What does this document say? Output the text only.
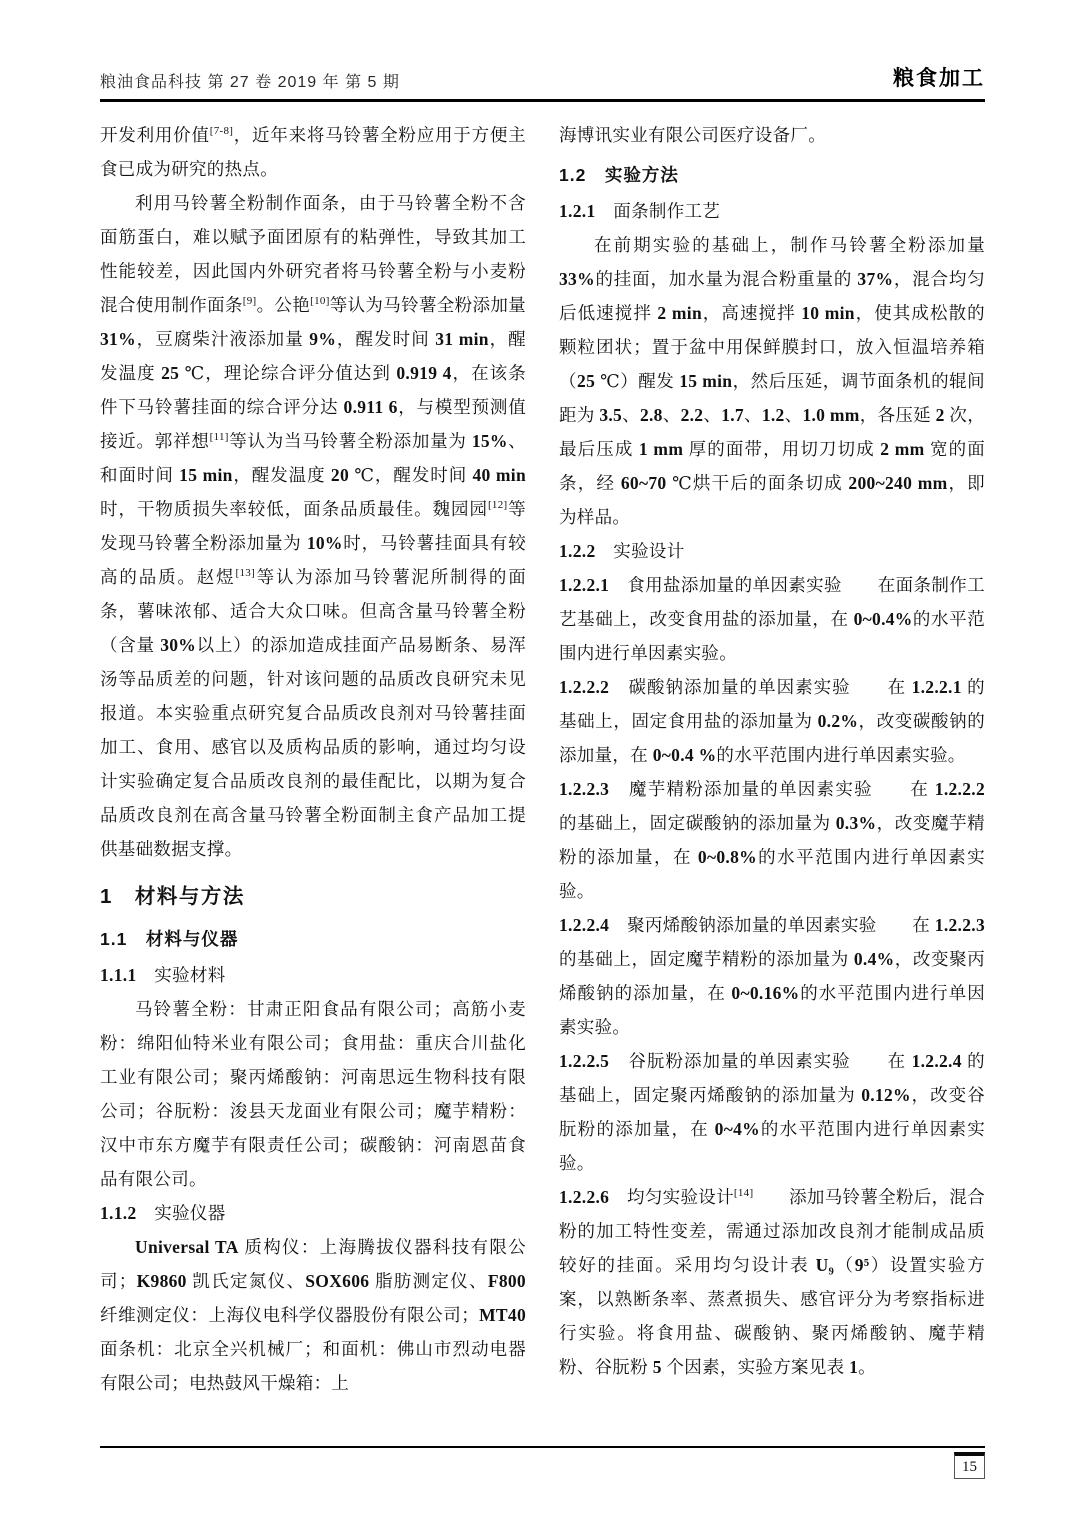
粮油食品科技 第 27 卷 2019 年 第 5 期	粮食加工
开发利用价值[7-8]，近年来将马铃薯全粉应用于方便主食已成为研究的热点。
利用马铃薯全粉制作面条，由于马铃薯全粉不含面筋蛋白，难以赋予面团原有的粘弹性，导致其加工性能较差，因此国内外研究者将马铃薯全粉与小麦粉混合使用制作面条[9]。公艳[10]等认为马铃薯全粉添加量 31%，豆腐柴汁液添加量 9%，醒发时间 31 min，醒发温度 25 ℃，理论综合评分值达到 0.919 4，在该条件下马铃薯挂面的综合评分达 0.911 6，与模型预测值接近。郭祥想[11]等认为当马铃薯全粉添加量为 15%、和面时间 15 min，醒发温度 20 ℃，醒发时间 40 min 时，干物质损失率较低，面条品质最佳。魏园园[12]等发现马铃薯全粉添加量为 10%时，马铃薯挂面具有较高的品质。赵煜[13]等认为添加马铃薯泥所制得的面条，薯味浓郁、适合大众口味。但高含量马铃薯全粉（含量 30%以上）的添加造成挂面产品易断条、易浑汤等品质差的问题，针对该问题的品质改良研究未见报道。本实验重点研究复合品质改良剂对马铃薯挂面加工、食用、感官以及质构品质的影响，通过均匀设计实验确定复合品质改良剂的最佳配比，以期为复合品质改良剂在高含量马铃薯全粉面制主食产品加工提供基础数据支撑。
1　材料与方法
1.1　材料与仪器
1.1.1　实验材料
马铃薯全粉：甘肃正阳食品有限公司；高筋小麦粉：绵阳仙特米业有限公司；食用盐：重庆合川盐化工业有限公司；聚丙烯酸钠：河南思远生物科技有限公司；谷朊粉：浚县天龙面业有限公司；魔芋精粉：汉中市东方魔芋有限责任公司；碳酸钠：河南恩苗食品有限公司。
1.1.2　实验仪器
Universal TA 质构仪：上海腾拔仪器科技有限公司；K9860 凯氏定氮仪、SOX606 脂肪测定仪、F800 纤维测定仪：上海仪电科学仪器股份有限公司；MT40 面条机：北京全兴机械厂；和面机：佛山市烈动电器有限公司；电热鼓风干燥箱：上
海博讯实业有限公司医疗设备厂。
1.2　实验方法
1.2.1　面条制作工艺
在前期实验的基础上，制作马铃薯全粉添加量 33%的挂面，加水量为混合粉重量的 37%，混合均匀后低速搅拌 2 min，高速搅拌 10 min，使其成松散的颗粒团状；置于盆中用保鲜膜封口，放入恒温培养箱（25 ℃）醒发 15 min，然后压延，调节面条机的辊间距为 3.5、2.8、2.2、1.7、1.2、1.0 mm，各压延 2 次，最后压成 1 mm 厚的面带，用切刀切成 2 mm 宽的面条，经 60~70 ℃烘干后的面条切成 200~240 mm，即为样品。
1.2.2　实验设计
1.2.2.1　食用盐添加量的单因素实验　　在面条制作工艺基础上，改变食用盐的添加量，在 0~0.4%的水平范围内进行单因素实验。
1.2.2.2　碳酸钠添加量的单因素实验　　在 1.2.2.1 的基础上，固定食用盐的添加量为 0.2%，改变碳酸钠的添加量，在 0~0.4 %的水平范围内进行单因素实验。
1.2.2.3　魔芋精粉添加量的单因素实验　　在 1.2.2.2 的基础上，固定碳酸钠的添加量为 0.3%，改变魔芋精粉的添加量，在 0~0.8%的水平范围内进行单因素实验。
1.2.2.4　聚丙烯酸钠添加量的单因素实验　　在 1.2.2.3 的基础上，固定魔芋精粉的添加量为 0.4%，改变聚丙烯酸钠的添加量，在 0~0.16%的水平范围内进行单因素实验。
1.2.2.5　谷朊粉添加量的单因素实验　　在 1.2.2.4 的基础上，固定聚丙烯酸钠的添加量为 0.12%，改变谷朊粉的添加量，在 0~4%的水平范围内进行单因素实验。
1.2.2.6　均匀实验设计[14]　　添加马铃薯全粉后，混合粉的加工特性变差，需通过添加改良剂才能制成品质较好的挂面。采用均匀设计表 U₉（9⁵）设置实验方案，以熟断条率、蒸煮损失、感官评分为考察指标进行实验。将食用盐、碳酸钠、聚丙烯酸钠、魔芋精粉、谷朊粉 5 个因素，实验方案见表 1。
15
